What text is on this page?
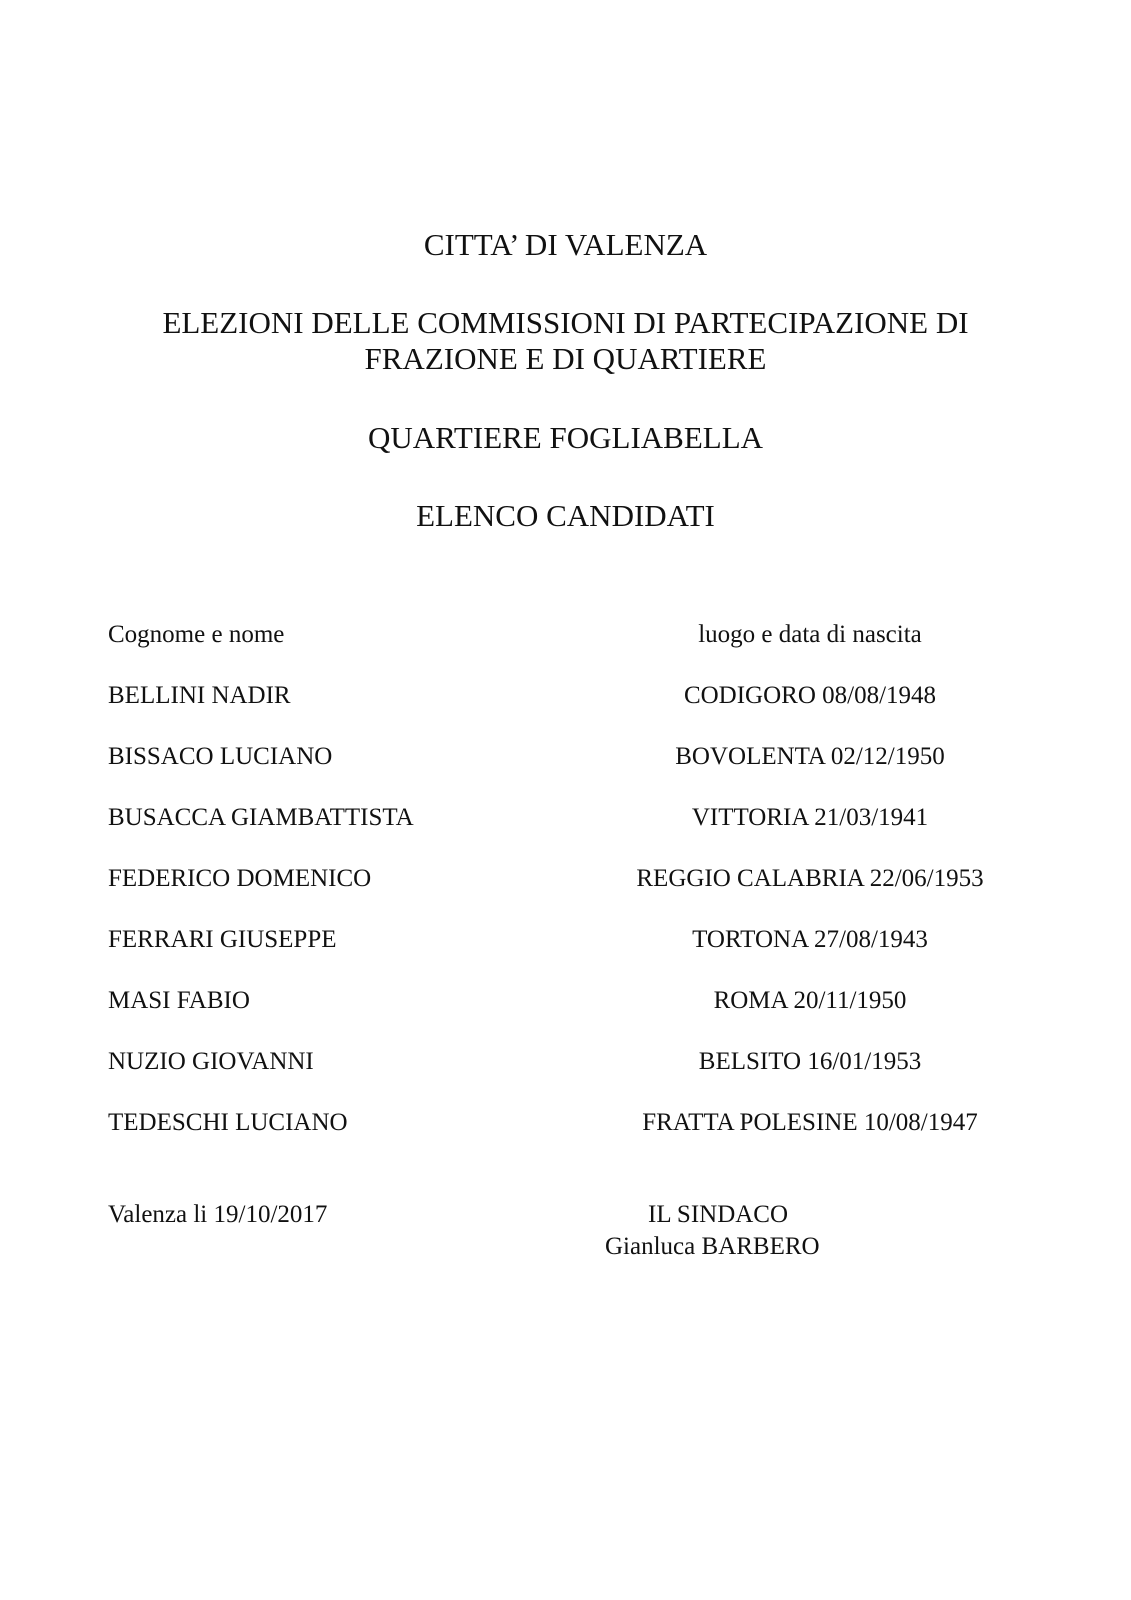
CITTA’ DI VALENZA
ELEZIONI DELLE COMMISSIONI DI PARTECIPAZIONE DI
FRAZIONE E DI QUARTIERE
QUARTIERE FOGLIABELLA
ELENCO CANDIDATI
Cognome e nome	luogo e data di nascita
BELLINI NADIR	CODIGORO 08/08/1948
BISSACO LUCIANO	BOVOLENTA 02/12/1950
BUSACCA GIAMBATTISTA	VITTORIA 21/03/1941
FEDERICO DOMENICO	REGGIO CALABRIA 22/06/1953
FERRARI GIUSEPPE	TORTONA 27/08/1943
MASI FABIO	ROMA 20/11/1950
NUZIO GIOVANNI	BELSITO 16/01/1953
TEDESCHI LUCIANO	FRATTA POLESINE 10/08/1947
Valenza li 19/10/2017	IL SINDACO
Gianluca BARBERO
